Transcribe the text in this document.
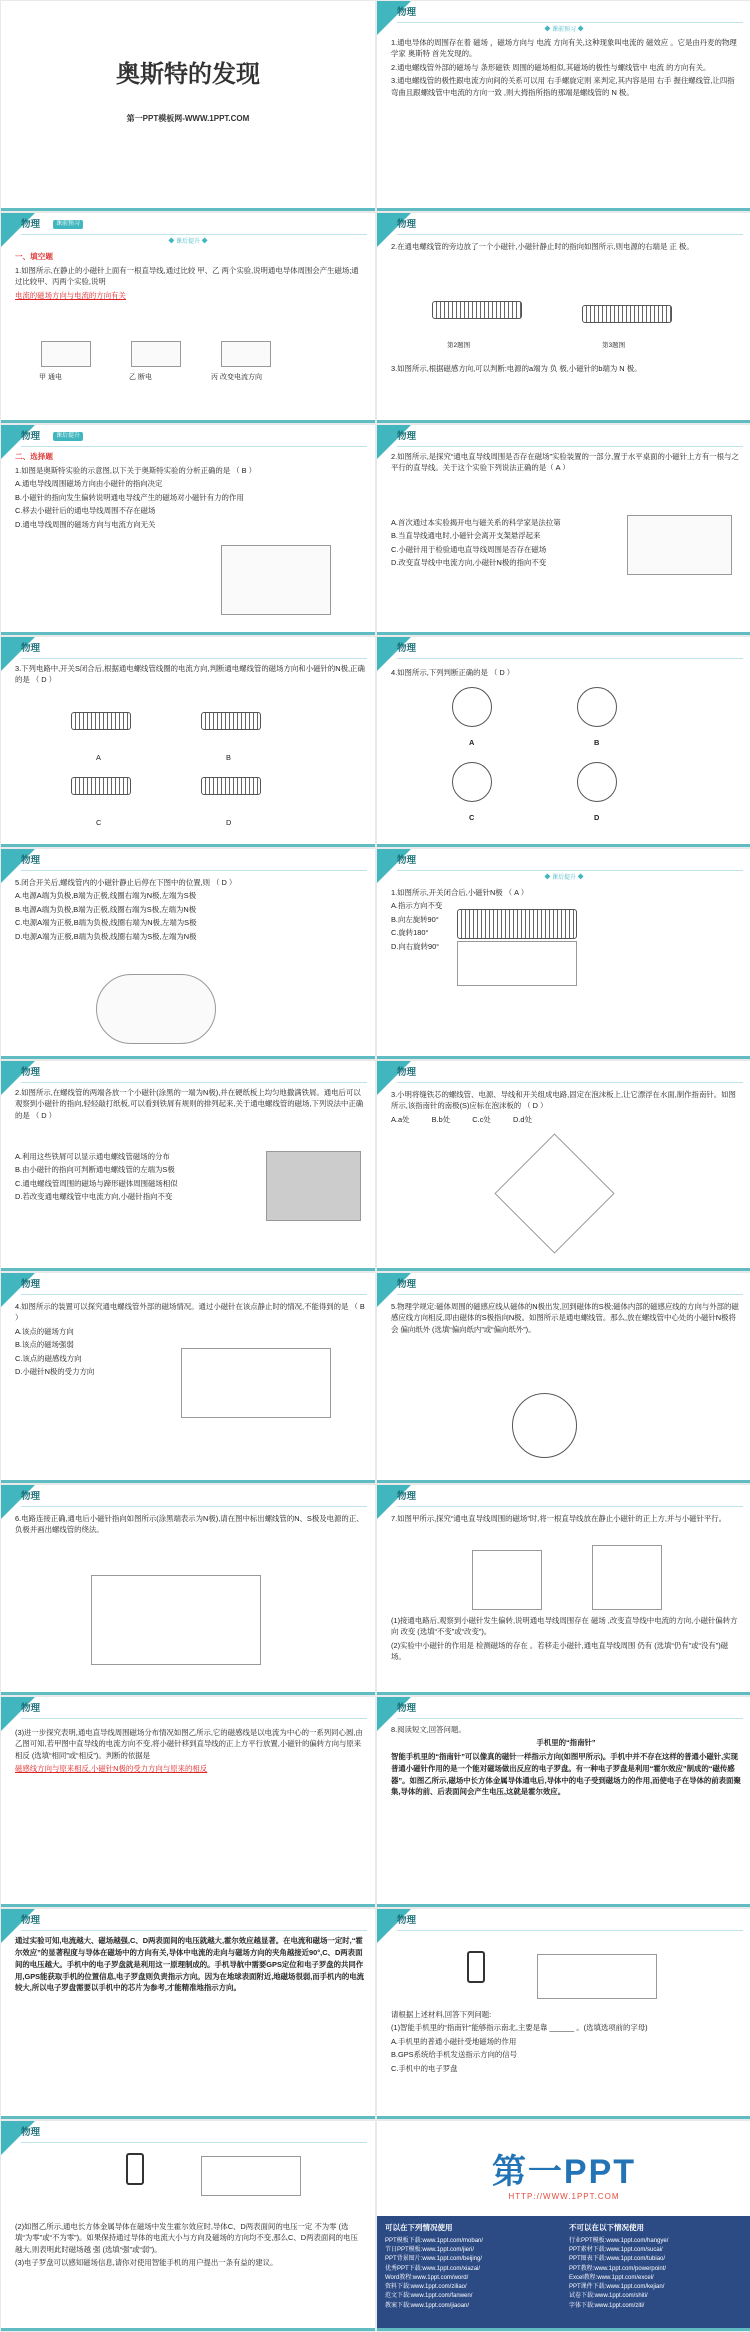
奥斯特的发现
第一PPT模板网-WWW.1PPT.COM
物理
◆ 课前预习 ◆

1.通电导体的周围存在着 磁场 ，磁场方向与 电流 方向有关,这种现象叫电流的 磁效应 。它是由丹麦的物理学家 奥斯特 首先发现的。

2.通电螺线管外部的磁场与 条形磁铁 周围的磁场相似,其磁场的极性与螺线管中 电流 的方向有关。

3.通电螺线管的极性跟电流方向间的关系可以用 右手螺旋定则 来判定,其内容是用 右手 握住螺线管,让四指弯曲且跟螺线管中电流的方向一致 ,则大拇指所指的那端是螺线管的 N 极。

物理	课前预习
◆ 课后提升 ◆

一、填空题

1.如图所示,在静止的小磁针上面有一根直导线,通过比较 甲、乙 两个实验,说明通电导体周围会产生磁场;通过比较甲、丙两个实验,说明

电流的磁场方向与电流的方向有关

甲 通电	乙 断电	丙 改变电流方向
物理

2.在通电螺线管的旁边放了一个小磁针,小磁针静止时的指向如图所示,则电源的右端是 正 极。

第2题图	第3题图

3.如图所示,根据磁感方向,可以判断:电源的a端为 负 极,小磁针的b端为 N 极。

物理	课后提升

二、选择题

1.如图是奥斯特实验的示意图,以下关于奥斯特实验的分析正确的是 （ B ）

A.通电导线周围磁场方向由小磁针的指向决定

B.小磁针的指向发生偏转说明通电导线产生的磁场对小磁针有力的作用

C.移去小磁针后的通电导线周围不存在磁场

D.通电导线周围的磁场方向与电流方向无关

物理

2.如图所示,是探究“通电直导线周围是否存在磁场”实验装置的一部分,置于水平桌面的小磁针上方有一根与之平行的直导线。关于这个实验下列说法正确的是（ A ）

A.首次通过本实验揭开电与磁关系的科学家是法拉第

B.当直导线通电时,小磁针会离开支架悬浮起来

C.小磁针用于检验通电直导线周围是否存在磁场

D.改变直导线中电流方向,小磁针N极的指向不变

物理

3.下列电路中,开关S闭合后,根据通电螺线管线圈的电流方向,判断通电螺线管的磁场方向和小磁针的N极,正确的是 （ D ）

A	B
C	D
物理

4.如图所示,下列判断正确的是 （ D ）

A	B
C	D
物理

5.闭合开关后,螺线管内的小磁针静止后停在下图中的位置,则 （ D ）

A.电源A端为负极,B端为正极,线圈右端为N极,左端为S极

B.电源A端为负极,B端为正极,线圈右端为S极,左端为N极

C.电源A端为正极,B端为负极,线圈右端为N极,左端为S极

D.电源A端为正极,B端为负极,线圈右端为S极,左端为N极

物理
◆ 课后提升 ◆

1.如图所示,开关闭合后,小磁针N极 （ A ）

A.指示方向不变

B.向左旋转90°

C.旋转180°

D.向右旋转90°

物理

2.如图所示,在螺线管的两端各放一个小磁针(涂黑的一端为N极),并在硬纸板上均匀地撒满铁屑。通电后可以观察到小磁针的指向,轻轻敲打纸板,可以看到铁屑有规则的排列起来,关于通电螺线管的磁场,下列说法中正确的是 （ D ）

A.利用这些铁屑可以显示通电螺线管磁场的分布

B.由小磁针的指向可判断通电螺线管的左端为S极

C.通电螺线管周围的磁场与蹄形磁体周围磁场相似

D.若改变通电螺线管中电流方向,小磁针指向不变

物理

3.小明将缝铁芯的螺线管、电源、导线和开关组成电路,固定在泡沫板上,让它漂浮在水面,制作指南针。如图所示,该指南针的南极(S)应标在泡沫板的 （ D ）

A.a处　　　B.b处　　　C.c处　　　D.d处

物理

4.如图所示的装置可以探究通电螺线管外部的磁场情况。通过小磁针在该点静止时的情况,不能得到的是 （ B ）

A.该点的磁场方向

B.该点的磁场强弱

C.该点的磁感线方向

D.小磁针N极的受力方向

物理

5.物理学规定:磁体周围的磁感应线从磁体的N极出发,回到磁体的S极;磁体内部的磁感应线的方向与外部的磁感应线方向相反,即由磁体的S极指向N极。如图所示是通电螺线管。那么,放在螺线管中心处的小磁针N极将会 偏向纸外 (选填“偏向纸内”或“偏向纸外”)。

物理

6.电路连接正确,通电后小磁针指向如图所示(涂黑端表示为N极),请在图中标出螺线管的N、S极及电源的正、负极并画出螺线管的绕法。

物理

7.如图甲所示,探究“通电直导线周围的磁场”时,将一根直导线放在静止小磁针的正上方,并与小磁针平行。

(1)接通电路后,观察到小磁针发生偏转,说明通电导线周围存在 磁场 ,改变直导线中电流的方向,小磁针偏转方向 改变 (选填“不变”或“改变”)。

(2)实验中小磁针的作用是 检测磁场的存在 。若移走小磁针,通电直导线周围 仍有 (选填“仍有”或“没有”)磁场。

物理

(3)进一步探究表明,通电直导线周围磁场分布情况如图乙所示,它的磁感线是以电流为中心的一系列同心圆,由乙图可知,若甲图中直导线的电流方向不变,将小磁针移到直导线的正上方平行放置,小磁针的偏转方向与原来 相反 (选填“相同”或“相反”)。判断的依据是

磁感线方向与原来相反,小磁针N极的受力方向与原来的相反

物理

8.阅读短文,回答问题。

手机里的“指南针”

智能手机里的“指南针”可以像真的磁针一样指示方向(如图甲所示)。手机中并不存在这样的普通小磁针,实现普通小磁针作用的是一个能对磁场做出反应的电子罗盘。有一种电子罗盘是利用“霍尔效应”制成的“磁传感器”。如图乙所示,磁场中长方体金属导体通电后,导体中的电子受到磁场力的作用,而使电子在导体的前表面聚集,导体的前、后表面间会产生电压,这就是霍尔效应。

物理

通过实验可知,电流越大、磁场越强,C、D两表面间的电压就越大,霍尔效应越显著。在电流和磁场一定时,“霍尔效应”的显著程度与导体在磁场中的方向有关,导体中电流的走向与磁场方向的夹角越接近90°,C、D两表面间的电压越大。手机中的电子罗盘就是利用这一原理制成的。手机导航中需要GPS定位和电子罗盘的共同作用,GPS能获取手机的位置信息,电子罗盘则负责指示方向。因为在地球表面附近,地磁场很弱,而手机内的电流较大,所以电子罗盘需要以手机中的芯片为参考,才能精准地指示方向。

物理

请根据上述材料,回答下列问题:

(1)智能手机里的“指南针”能够指示南北,主要是靠 ______ 。(选填选项前的字母)

A.手机里的普通小磁针受地磁场的作用

B.GPS系统给手机发送指示方向的信号

C.手机中的电子罗盘

物理

(2)如图乙所示,通电长方体金属导体在磁场中发生霍尔效应时,导体C、D两表面间的电压一定 不为零 (选填“为零”或“不为零”)。如果保持通过导体的电流大小与方向及磁场的方向均不变,那么C、D两表面间的电压越大,则表明此时磁场越 强 (选填“强”或“弱”)。

(3)电子罗盘可以感知磁场信息,请你对使用智能手机的用户提出一条有益的建议。

第一PPT
HTTP://WWW.1PPT.COM
可以在下列情况使用
PPT模板下载:www.1ppt.com/moban/
节日PPT模板:www.1ppt.com/jieri/
PPT背景图片:www.1ppt.com/beijing/
优秀PPT下载:www.1ppt.com/xiazai/
Word教程:www.1ppt.com/word/
资料下载:www.1ppt.com/ziliao/
范文下载:www.1ppt.com/fanwen/
教案下载:www.1ppt.com/jiaoan/
不可以在以下情况使用
行业PPT模板:www.1ppt.com/hangye/
PPT素材下载:www.1ppt.com/sucai/
PPT图表下载:www.1ppt.com/tubiao/
PPT教程:www.1ppt.com/powerpoint/
Excel教程:www.1ppt.com/excel/
PPT课件下载:www.1ppt.com/kejian/
试卷下载:www.1ppt.com/shiti/
字体下载:www.1ppt.com/ziti/
